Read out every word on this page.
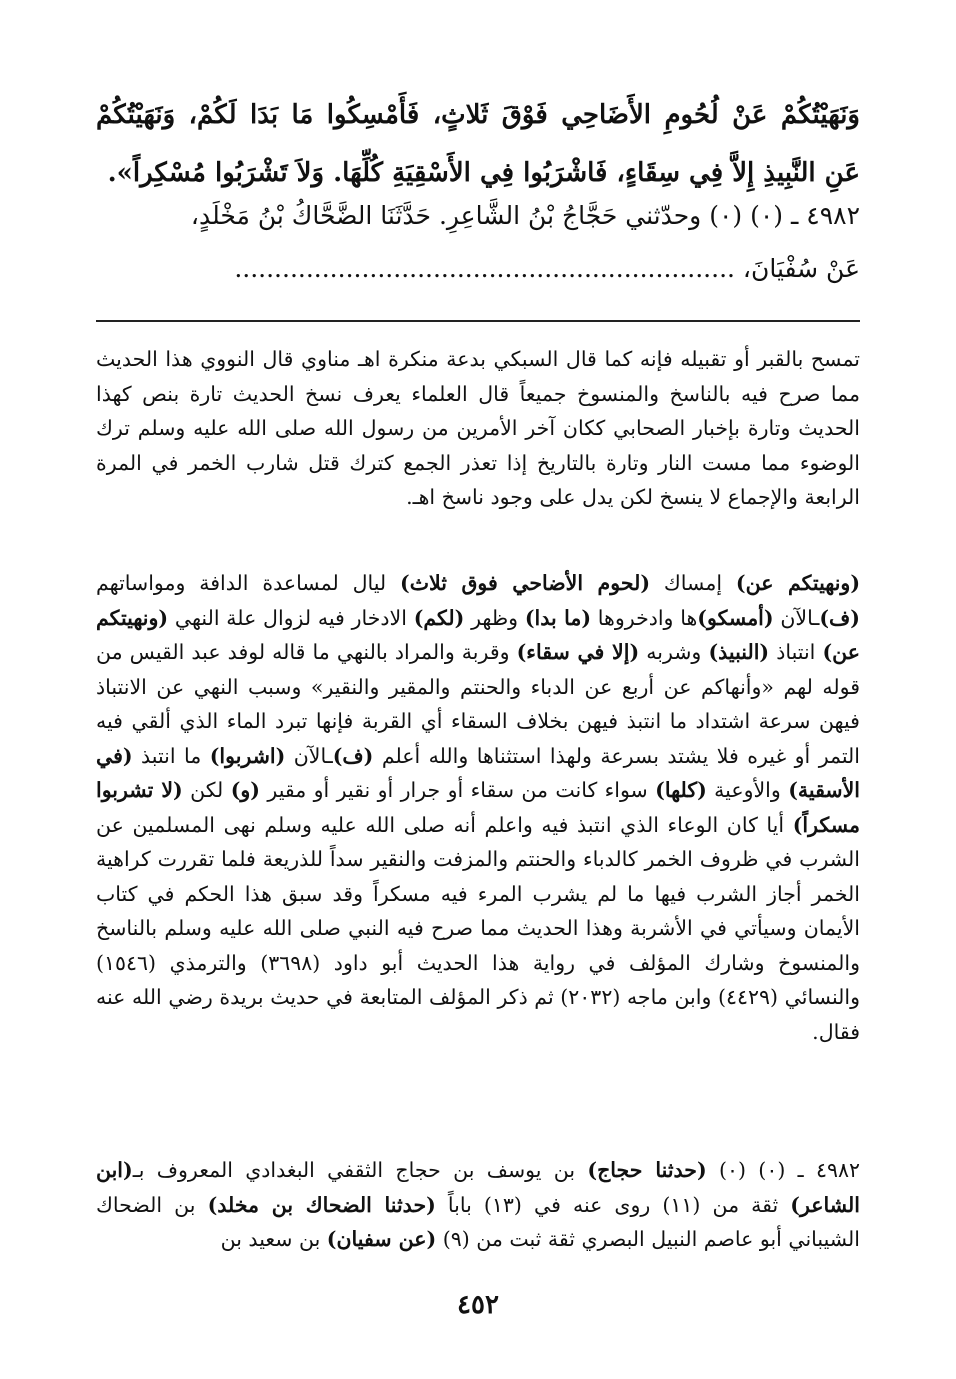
وَنَهَيْتُكُمْ عَنْ لُحُومِ الأَضَاحِي فَوْقَ ثَلاثٍ، فَأَمْسِكُوا مَا بَدَا لَكُمْ، وَنَهَيْتُكُمْ عَنِ النَّبِيذِ إِلاَّ فِي سِقَاءٍ، فَاشْرَبُوا فِي الأَسْقِيَةِ كُلِّهَا. وَلاَ تَشْرَبُوا مُسْكِراً».
٤٩٨٢ ـ (٠) (٠) وحدّثني حَجَّاجُ بْنُ الشَّاعِرِ. حَدَّثَنَا الضَّحَّاكُ بْنُ مَخْلَدٍ،
عَنْ سُفْيَانَ، ...............................................................

تمسح بالقبر أو تقبيله فإنه كما قال السبكي بدعة منكرة اهـ مناوي قال النووي هذا الحديث مما صرح فيه بالناسخ والمنسوخ جميعاً قال العلماء يعرف نسخ الحديث تارة بنص كهذا الحديث وتارة بإخبار الصحابي ككان آخر الأمرين من رسول الله صلى الله عليه وسلم ترك الوضوء مما مست النار وتارة بالتاريخ إذا تعذر الجمع كترك قتل شارب الخمر في المرة الرابعة والإجماع لا ينسخ لكن يدل على وجود ناسخ اهـ.

(ونهيتكم عن) إمساك (لحوم الأضاحي فوق ثلاث) ليال لمساعدة الدافة ومواساتهم (ف)ـالآن (أمسكو)ها وادخروها (ما بدا) وظهر (لكم) الادخار فيه لزوال علة النهي (ونهيتكم عن) انتباذ (النبيذ) وشربه (إلا في سقاء) وقربة والمراد بالنهي ما قاله لوفد عبد القيس من قوله لهم «وأنهاكم عن أربع عن الدباء والحنتم والمقير والنقير» وسبب النهي عن الانتباذ فيهن سرعة اشتداد ما انتبذ فيهن بخلاف السقاء أي القربة فإنها تبرد الماء الذي ألقي فيه التمر أو غيره فلا يشتد بسرعة ولهذا استثناها والله أعلم (ف)ـالآن (اشربوا) ما انتبذ (في الأسقية) والأوعية (كلها) سواء كانت من سقاء أو جرار أو نقير أو مقير (و) لكن (لا تشربوا مسكراً) أيا كان الوعاء الذي انتبذ فيه واعلم أنه صلى الله عليه وسلم نهى المسلمين عن الشرب في ظروف الخمر كالدباء والحنتم والمزفت والنقير سداً للذريعة فلما تقررت كراهية الخمر أجاز الشرب فيها ما لم يشرب المرء فيه مسكراً وقد سبق هذا الحكم في كتاب الأيمان وسيأتي في الأشربة وهذا الحديث مما صرح فيه النبي صلى الله عليه وسلم بالناسخ والمنسوخ وشارك المؤلف في رواية هذا الحديث أبو داود (٣٦٩٨) والترمذي (١٥٤٦) والنسائي (٤٤٢٩) وابن ماجه (٢٠٣٢) ثم ذكر المؤلف المتابعة في حديث بريدة رضي الله عنه فقال.

٤٩٨٢ ـ (٠) (٠) (حدثنا حجاج) بن يوسف بن حجاج الثقفي البغدادي المعروف بـ(ابن الشاعر) ثقة من (١١) روى عنه في (١٣) باباً (حدثنا الضحاك بن مخلد) بن الضحاك الشيباني أبو عاصم النبيل البصري ثقة ثبت من (٩) (عن سفيان) بن سعيد بن

٤٥٢
